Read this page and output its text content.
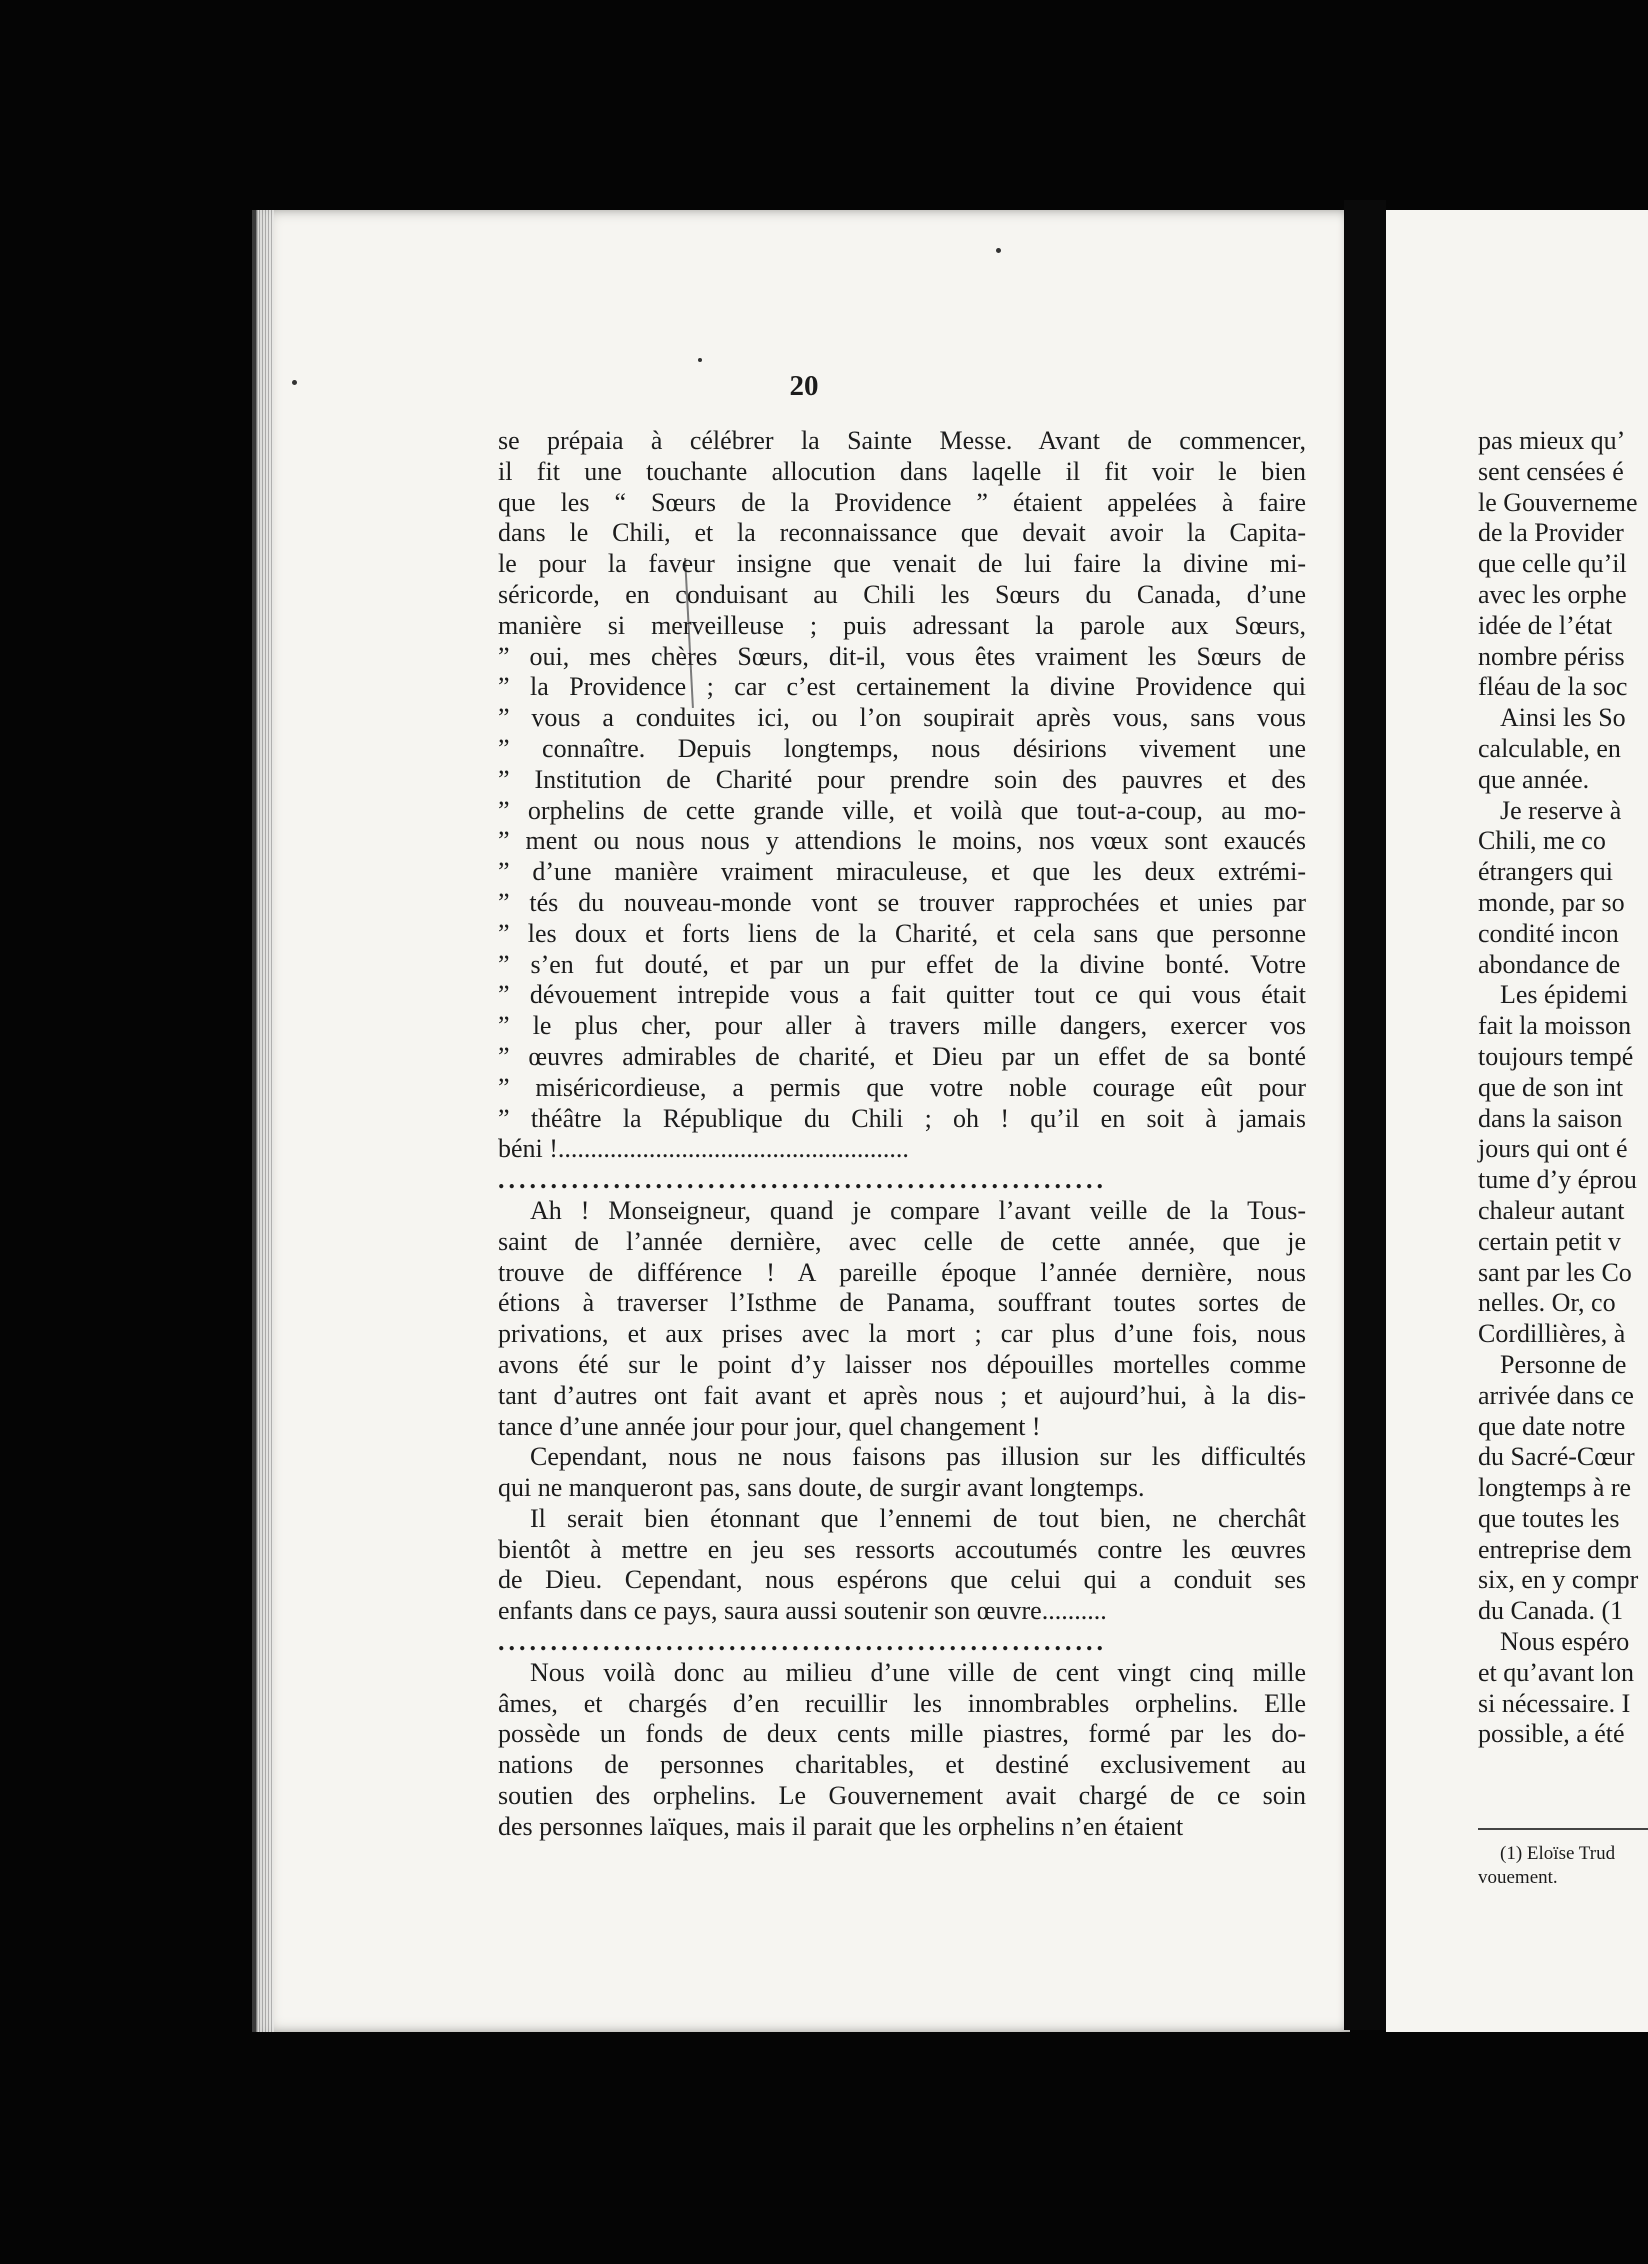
20
se prépaia à célébrer la Sainte Messe. Avant de commencer,
il fit une touchante allocution dans laqelle il fit voir le bien
que les “ Sœurs de la Providence ” étaient appelées à faire
dans le Chili, et la reconnaissance que devait avoir la Capita-
le pour la faveur insigne que venait de lui faire la divine mi-
séricorde, en conduisant au Chili les Sœurs du Canada, d’une
manière si merveilleuse ; puis adressant la parole aux Sœurs,
” oui, mes chères Sœurs, dit-il, vous êtes vraiment les Sœurs de
” la Providence ; car c’est certainement la divine Providence qui
” vous a conduites ici, ou l’on soupirait après vous, sans vous
” connaître. Depuis longtemps, nous désirions vivement une
” Institution de Charité pour prendre soin des pauvres et des
” orphelins de cette grande ville, et voilà que tout-a-coup, au mo-
” ment ou nous nous y attendions le moins, nos vœux sont exaucés
” d’une manière vraiment miraculeuse, et que les deux extrémi-
” tés du nouveau-monde vont se trouver rapprochées et unies par
” les doux et forts liens de la Charité, et cela sans que personne
” s’en fut douté, et par un pur effet de la divine bonté. Votre
” dévouement intrepide vous a fait quitter tout ce qui vous était
” le plus cher, pour aller à travers mille dangers, exercer vos
” œuvres admirables de charité, et Dieu par un effet de sa bonté
” miséricordieuse, a permis que votre noble courage eût pour
” théâtre la République du Chili ; oh ! qu’il en soit à jamais
béni !......................................................
..........................................................
Ah ! Monseigneur, quand je compare l’avant veille de la Tous-
saint de l’année dernière, avec celle de cette année, que je
trouve de différence ! A pareille époque l’année dernière, nous
étions à traverser l’Isthme de Panama, souffrant toutes sortes de
privations, et aux prises avec la mort ; car plus d’une fois, nous
avons été sur le point d’y laisser nos dépouilles mortelles comme
tant d’autres ont fait avant et après nous ; et aujourd’hui, à la dis-
tance d’une année jour pour jour, quel changement !
Cependant, nous ne nous faisons pas illusion sur les difficultés
qui ne manqueront pas, sans doute, de surgir avant longtemps.
Il serait bien étonnant que l’ennemi de tout bien, ne cherchât
bientôt à mettre en jeu ses ressorts accoutumés contre les œuvres
de Dieu. Cependant, nous espérons que celui qui a conduit ses
enfants dans ce pays, saura aussi soutenir son œuvre..........
..........................................................
Nous voilà donc au milieu d’une ville de cent vingt cinq mille
âmes, et chargés d’en recuillir les innombrables orphelins. Elle
possède un fonds de deux cents mille piastres, formé par les do-
nations de personnes charitables, et destiné exclusivement au
soutien des orphelins. Le Gouvernement avait chargé de ce soin
des personnes laïques, mais il parait que les orphelins n’en étaient
pas mieux qu’
sent censées é
le Gouverneme
de la Provider
que celle qu’il
avec les orphe
idée de l’état
nombre périss
fléau de la soc
Ainsi les So
calculable, en
que année.
Je reserve à
Chili, me co
étrangers qui
monde, par so
condité incon
abondance de
Les épidemi
fait la moisson
toujours tempé
que de son int
dans la saison
jours qui ont é
tume d’y éprou
chaleur autant
certain petit v
sant par les Co
nelles. Or, co
Cordillières, à
Personne de
arrivée dans ce
que date notre
du Sacré-Cœur
longtemps à re
que toutes les
entreprise dem
six, en y compr
du Canada. (1
Nous espéro
et qu’avant lon
si nécessaire. I
possible, a été
(1) Eloïse Trud
vouement.
